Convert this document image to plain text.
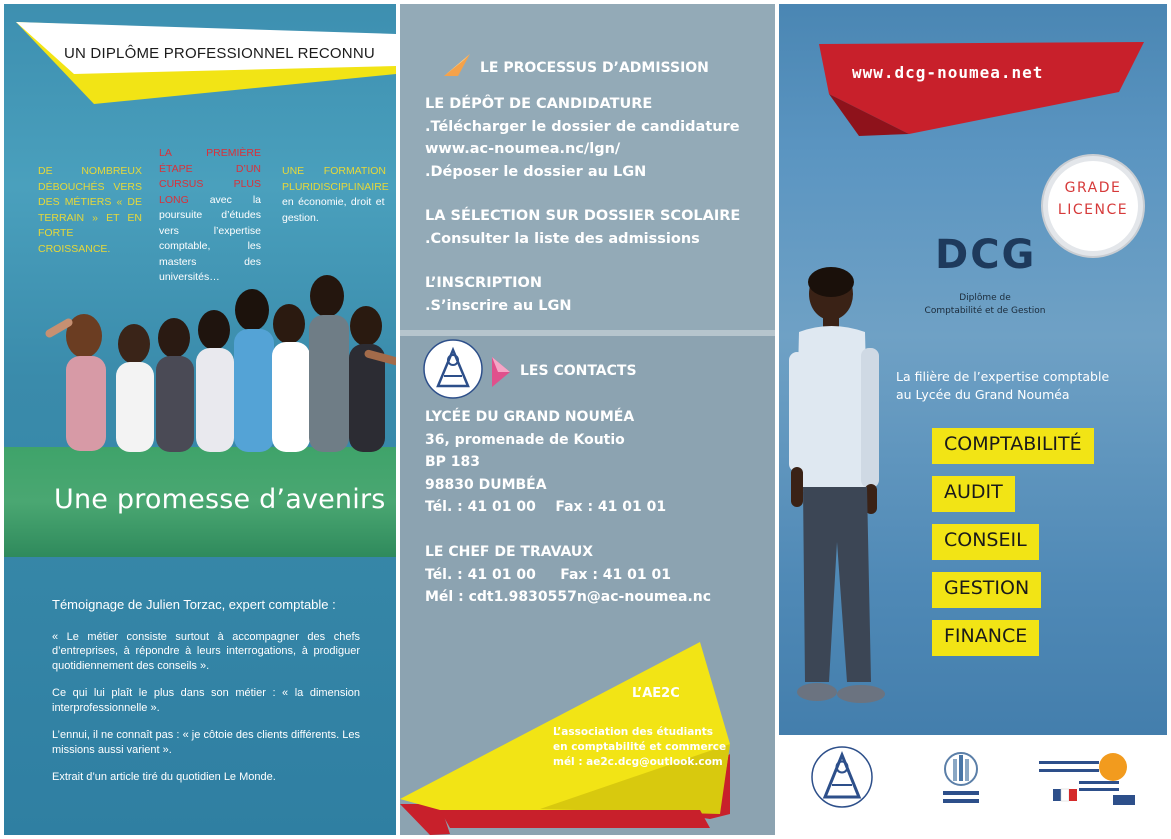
UN DIPLÔME PROFESSIONNEL RECONNU
DE NOMBREUX DÉBOUCHÉS VERS DES MÉTIERS « DE TERRAIN » ET EN FORTE CROISSANCE.
LA PREMIÈRE ÉTAPE D’UN CURSUS PLUS LONG avec la poursuite d’études vers l’expertise comptable, les masters des universités…
UNE FORMATION PLURIDISCIPLINAIRE en économie, droit et gestion.
Une promesse d’avenirs
Témoignage de Julien Torzac, expert comptable :

« Le métier consiste surtout à accompagner des chefs d’entreprises, à répondre à leurs interrogations, à prodiguer quotidiennement des conseils ».

Ce qui lui plaît le plus dans son métier : « la dimension interprofessionnelle ».

L’ennui, il ne connaît pas : « je côtoie des clients différents. Les missions aussi varient ».

Extrait d’un article tiré du quotidien Le Monde.

LE PROCESSUS D’ADMISSION
LE DÉPÔT DE CANDIDATURE
.Télécharger le dossier de candidature
www.ac-noumea.nc/lgn/
.Déposer le dossier au LGN
LA SÉLECTION SUR DOSSIER SCOLAIRE
.Consulter la liste des admissions
L’INSCRIPTION
.S’inscrire au LGN
LES CONTACTS
LYCÉE DU GRAND NOUMÉA
36, promenade de Koutio
BP 183
98830 DUMBÉA
Tél. : 41 01 00 Fax : 41 01 01
LE CHEF DE TRAVAUX
Tél. : 41 01 00 Fax : 41 01 01
Mél : cdt1.9830557n@ac-noumea.nc
L’AE2C
L’association des étudiants
en comptabilité et commerce
mél : ae2c.dcg@outlook.com
www.dcg-noumea.net
GRADE
LICENCE
DCG
Diplôme de
Comptabilité et de Gestion
La filière de l’expertise comptable
au Lycée du Grand Nouméa
COMPTABILITÉ
AUDIT
CONSEIL
GESTION
FINANCE
